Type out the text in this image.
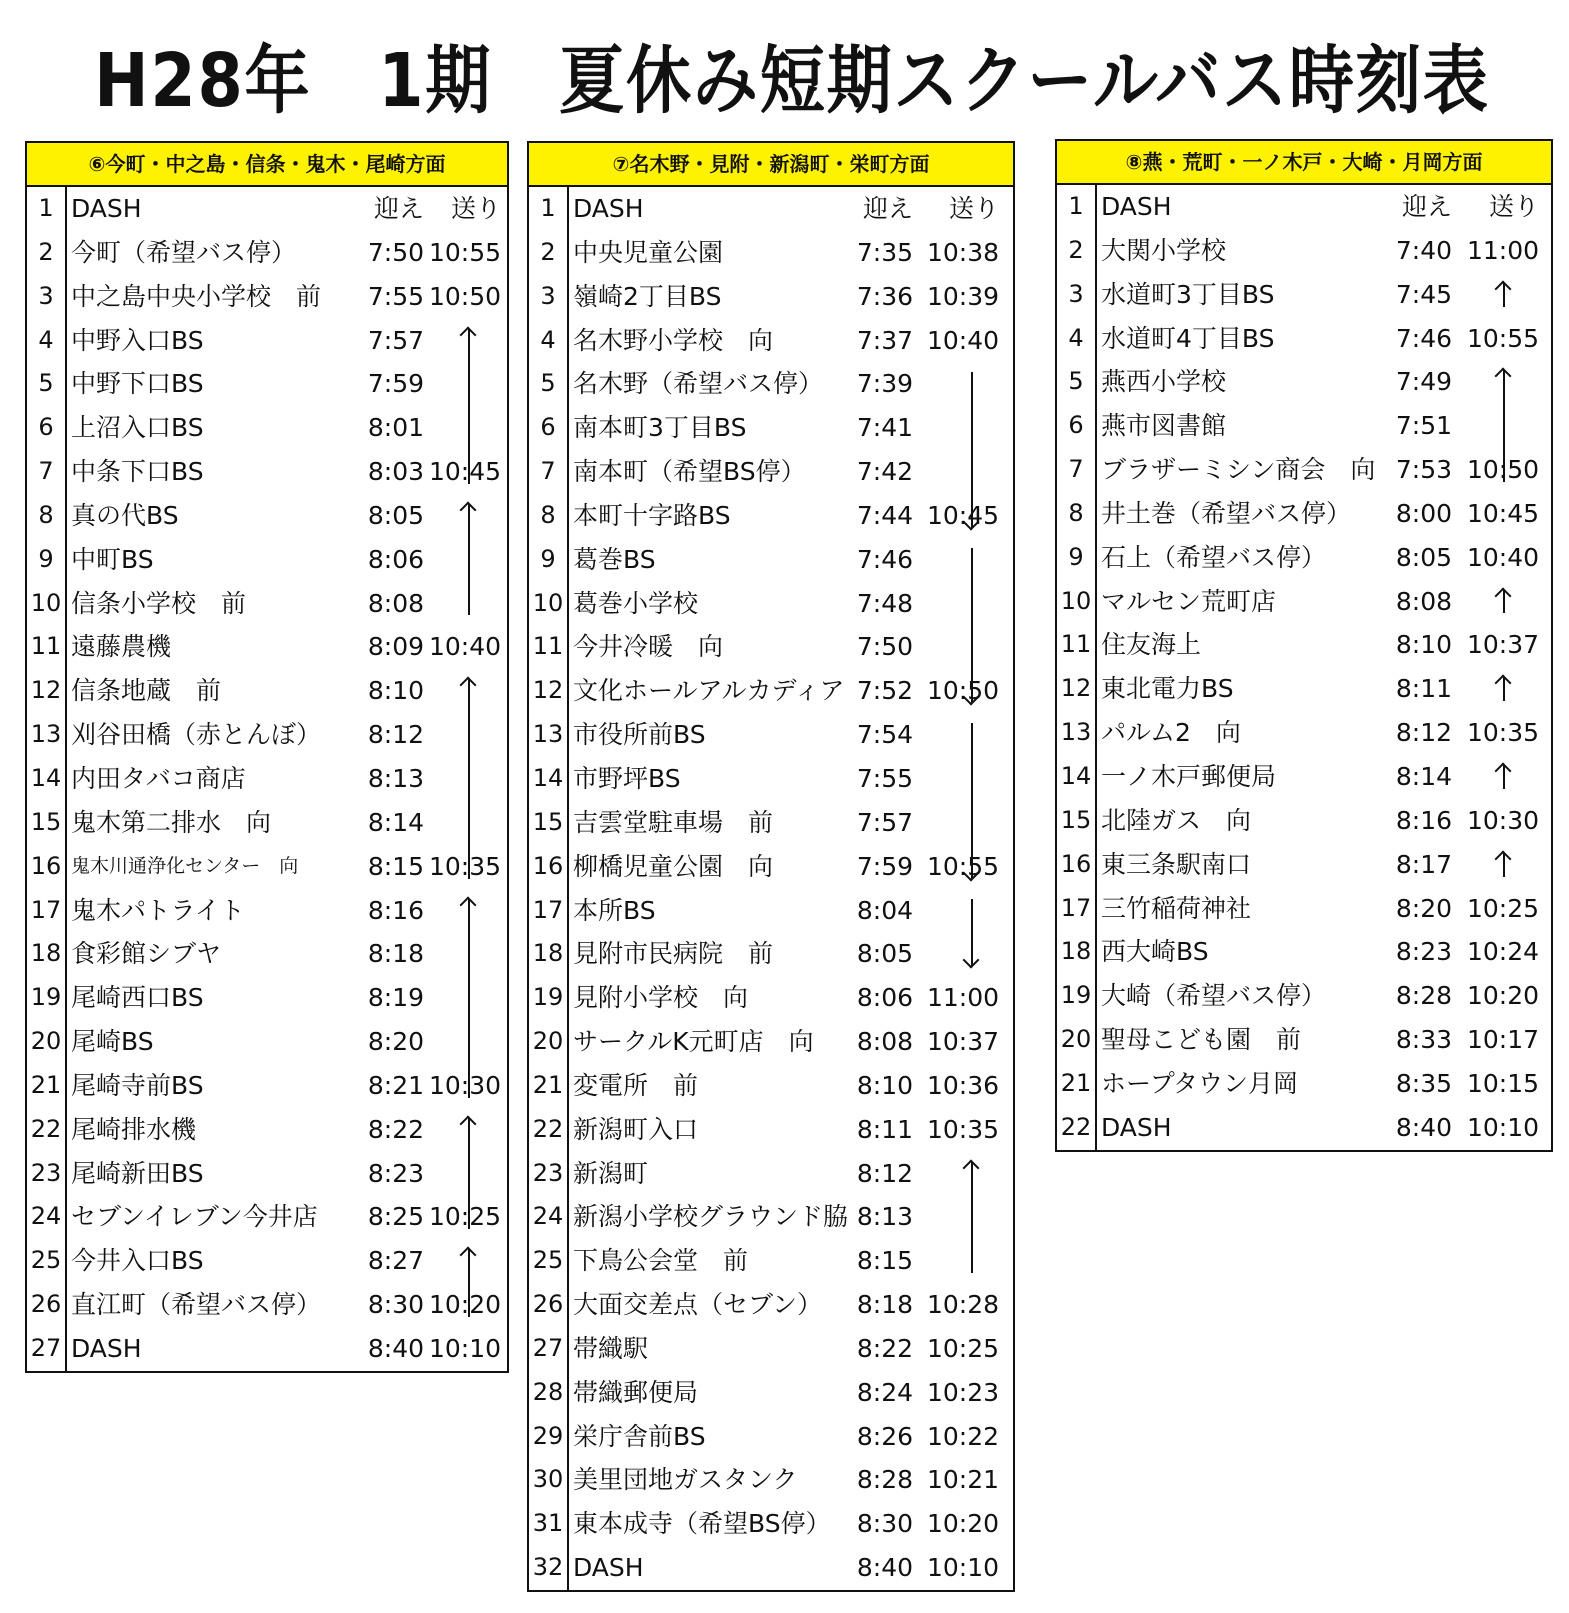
H28年　1期　夏休み短期スクールバス時刻表
⑥今町・中之島・信条・鬼木・尾崎方面
1 DASH	迎え 送り
2 今町（希望バス停）	7:50 10:55
3 中之島中央小学校　前 7:55 10:50
4 中野入口BS	7:57
5 中野下口BS	7:59
6 上沼入口BS	8:01
7 中条下口BS	8:03 10:45
8 真の代BS	8:05
9 中町BS	8:06
10 信条小学校　前	8:08
11 遠藤農機	8:09 10:40
12 信条地蔵　前	8:10
13 刈谷田橋（赤とんぼ） 8:12
14 内田タバコ商店	8:13
15 鬼木第二排水　向	8:14
16 鬼木川通浄化センター　向	8:15 10:35
17 鬼木パトライト	8:16
18 食彩館シブヤ	8:18
19 尾崎西口BS	8:19
20 尾崎BS	8:20
21 尾崎寺前BS	8:21 10:30
22 尾崎排水機	8:22
23 尾崎新田BS	8:23
24 セブンイレブン今井店 8:25 10:25
25 今井入口BS	8:27
26 直江町（希望バス停） 8:30 10:20
27 DASH	8:40 10:10
⑦名木野・見附・新潟町・栄町方面
1 DASH	迎え 送り
2 中央児童公園	7:35 10:38
3 嶺崎2丁目BS	7:36 10:39
4 名木野小学校　向	7:37 10:40
5 名木野（希望バス停） 7:39
6 南本町3丁目BS	7:41
7 南本町（希望BS停） 7:42
8 本町十字路BS	7:44 10:45
9 葛巻BS	7:46
10 葛巻小学校	7:48
11 今井冷暖　向	7:50
12 文化ホールアルカディア 7:52 10:50
13 市役所前BS	7:54
14 市野坪BS	7:55
15 吉雲堂駐車場　前	7:57
16 柳橋児童公園　向	7:59 10:55
17 本所BS	8:04
18 見附市民病院　前	8:05
19 見附小学校　向	8:06 11:00
20 サークルK元町店　向 8:08 10:37
21 変電所　前	8:10 10:36
22 新潟町入口	8:11 10:35
23 新潟町	8:12
24 新潟小学校グラウンド脇 8:13
25 下鳥公会堂　前	8:15
26 大面交差点（セブン） 8:18 10:28
27 帯織駅	8:22 10:25
28 帯織郵便局	8:24 10:23
29 栄庁舎前BS	8:26 10:22
30 美里団地ガスタンク 8:28 10:21
31 東本成寺（希望BS停） 8:30 10:20
32 DASH	8:40 10:10
⑧燕・荒町・一ノ木戸・大崎・月岡方面
1 DASH	迎え 送り
2 大関小学校	7:40 11:00
3 水道町3丁目BS	7:45
4 水道町4丁目BS	7:46 10:55
5 燕西小学校	7:49
6 燕市図書館	7:51
7 ブラザーミシン商会　向 7:53 10:50
8 井土巻（希望バス停） 8:00 10:45
9 石上（希望バス停）	8:05 10:40
10 マルセン荒町店	8:08
11 住友海上	8:10 10:37
12 東北電力BS	8:11
13 パルム2　向	8:12 10:35
14 一ノ木戸郵便局	8:14
15 北陸ガス　向	8:16 10:30
16 東三条駅南口	8:17
17 三竹稲荷神社	8:20 10:25
18 西大崎BS	8:23 10:24
19 大崎（希望バス停）	8:28 10:20
20 聖母こども園　前	8:33 10:17
21 ホープタウン月岡	8:35 10:15
22 DASH	8:40 10:10
